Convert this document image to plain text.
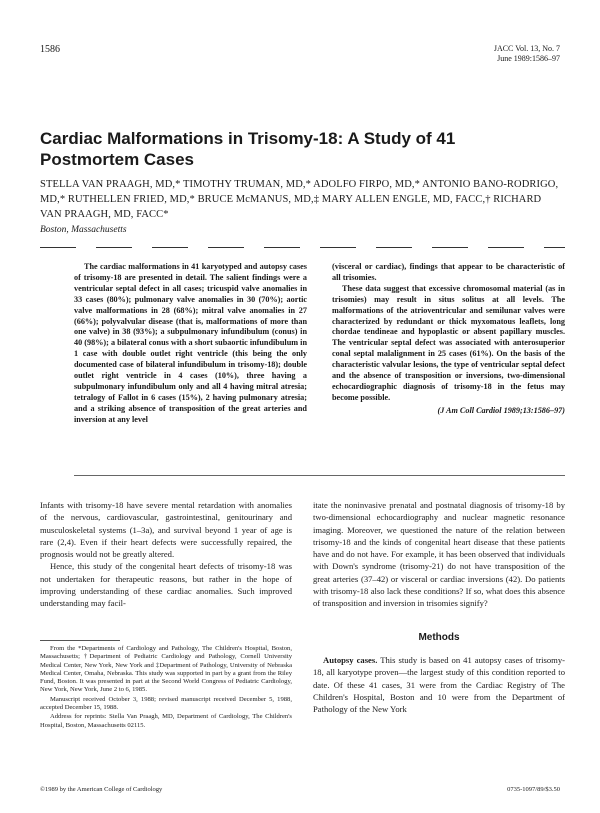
1586	JACC Vol. 13, No. 7
June 1989:1586–97
Cardiac Malformations in Trisomy-18: A Study of 41 Postmortem Cases
STELLA VAN PRAAGH, MD,* TIMOTHY TRUMAN, MD,* ADOLFO FIRPO, MD,* ANTONIO BANO-RODRIGO, MD,* RUTHELLEN FRIED, MD,* BRUCE McMANUS, MD,‡ MARY ALLEN ENGLE, MD, FACC,† RICHARD VAN PRAAGH, MD, FACC*
Boston, Massachusetts

The cardiac malformations in 41 karyotyped and autopsy cases of trisomy-18 are presented in detail. The salient findings were a ventricular septal defect in all cases; tricuspid valve anomalies in 33 cases (80%); pulmonary valve anomalies in 30 (70%); aortic valve malformations in 28 (68%); mitral valve anomalies in 27 (66%); polyvalvular disease (that is, malformations of more than one valve) in 38 (93%); a subpulmonary infundibulum (conus) in 40 (98%); a bilateral conus with a short subaortic infundibulum in 1 case with double outlet right ventricle (this being the only documented case of bilateral infundibulum in trisomy-18); double outlet right ventricle in 4 cases (10%), three having a subpulmonary infundibulum only and all 4 having mitral atresia; tetralogy of Fallot in 6 cases (15%), 2 having pulmonary atresia; and a striking absence of transposition of the great arteries and inversion at any level

(visceral or cardiac), findings that appear to be characteristic of all trisomies.

These data suggest that excessive chromosomal material (as in trisomies) may result in situs solitus at all levels. The malformations of the atrioventricular and semilunar valves were characterized by redundant or thick myxomatous leaflets, long chordae tendineae and hypoplastic or absent papillary muscles. The ventricular septal defect was associated with anterosuperior conal septal malalignment in 25 cases (61%). On the basis of the characteristic valvular lesions, the type of ventricular septal defect and the absence of transposition or inversions, two-dimensional echocardiographic diagnosis of trisomy-18 in the fetus may become possible.

(J Am Coll Cardiol 1989;13:1586–97)

Infants with trisomy-18 have severe mental retardation with anomalies of the nervous, cardiovascular, gastrointestinal, genitourinary and musculoskeletal systems (1–3a), and survival beyond 1 year of age is rare (2,4). Even if their heart defects were successfully repaired, the prognosis would not be greatly altered.

Hence, this study of the congenital heart defects of trisomy-18 was not undertaken for therapeutic reasons, but rather in the hope of improving understanding of these cardiac anomalies. Such improved understanding may facil-

From the *Departments of Cardiology and Pathology, The Children's Hospital, Boston, Massachusetts; †Department of Pediatric Cardiology and Pathology, Cornell University Medical Center, New York, New York and ‡Department of Pathology, University of Nebraska Medical Center, Omaha, Nebraska. This study was supported in part by a grant from the Riley Fund, Boston. It was presented in part at the Second World Congress of Pediatric Cardiology, New York, New York, June 2 to 6, 1985.

Manuscript received October 3, 1988; revised manuscript received December 5, 1988, accepted December 15, 1988.

Address for reprints: Stella Van Praagh, MD, Department of Cardiology, The Children's Hospital, Boston, Massachusetts 02115.

itate the noninvasive prenatal and postnatal diagnosis of trisomy-18 by two-dimensional echocardiography and nuclear magnetic resonance imaging. Moreover, we questioned the nature of the relation between trisomy-18 and the kinds of congenital heart disease that these patients have and do not have. For example, it has been observed that individuals with Down's syndrome (trisomy-21) do not have transposition of the great arteries (37–42) or visceral or cardiac inversions (42). Do patients with trisomy-18 also lack these conditions? If so, what does this absence of transposition and inversion in trisomies signify?

Methods

Autopsy cases. This study is based on 41 autopsy cases of trisomy-18, all karyotype proven—the largest study of this condition reported to date. Of these 41 cases, 31 were from the Cardiac Registry of The Children's Hospital, Boston and 10 were from the Department of Pathology of the New York

©1989 by the American College of Cardiology	0735-1097/89/$3.50
